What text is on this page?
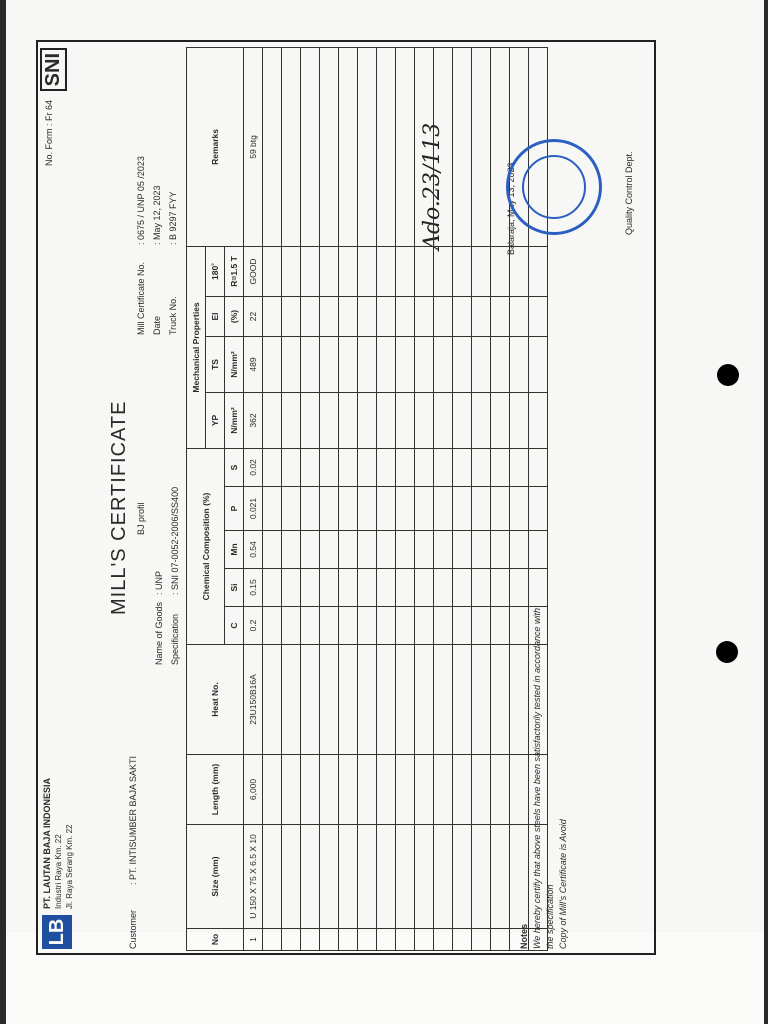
Ado.23/113
LB
PT. LAUTAN BAJA INDONESIA Industri Raya Km. 22 Jl. Raya Serang Km. 22
No. Form : Fr 64
SNI
MILL'S CERTIFICATE BJ profil
Customer
: PT. INTISUMBER BAJA SAKTI
Name of Goods
: UNP
Specification
: SNI 07-0052-2006/SS400
Mill Certificate No.
: 0675 / UNP 05 /2023
Date
: May 12, 2023
Truck No.
: B 9297 FYY
No	Size (mm)	Length (mm)	Heat No.	Chemical Composition (%)					Mechanical Properties				Remarks
									YP	TS	El	180˚	
				C	Si	Mn	P	S	N/mm²	N/mm²	(%)	R=1.5 T	
1	U 150 X 75 X 6.5 X 10	6,000	23U150B16A	0.2	0.15	0.54	0.021	0.02	362	489	22	GOOD	59 btg

Notes We hereby certify that above steels have been satisfactorily tested in accordance with the specification Copy of Mill's Certificate is Avoid
Balaraja, May 13, 2023	Quality Control Dept.
